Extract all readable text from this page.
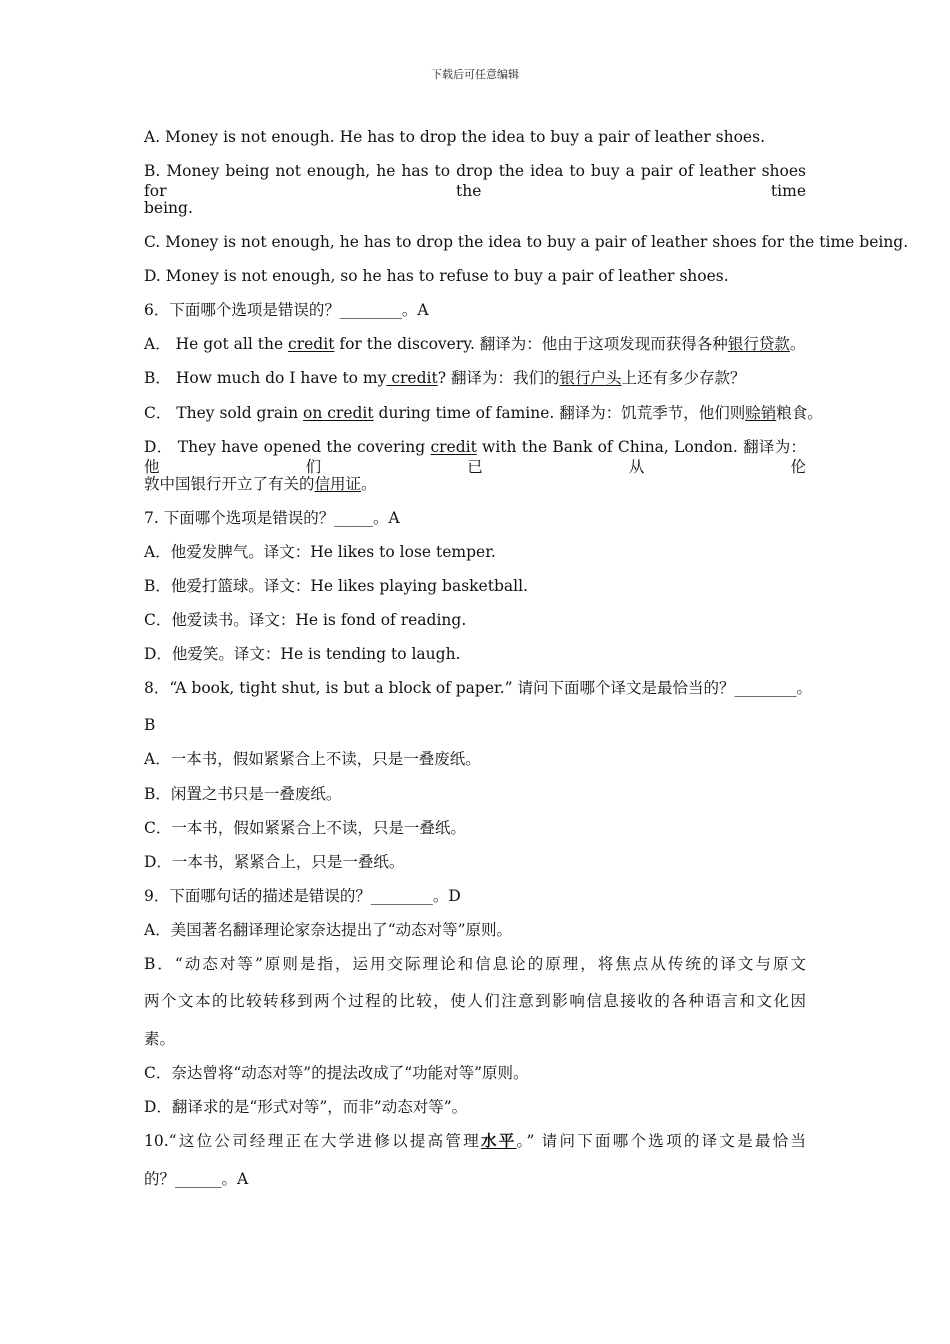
下载后可任意编辑
A. Money is not enough. He has to drop the idea to buy a pair of leather shoes.
B. Money being not enough, he has to drop the idea to buy a pair of leather shoes for the time
being.
C. Money is not enough, he has to drop the idea to buy a pair of leather shoes for the time being.
D. Money is not enough, so he has to refuse to buy a pair of leather shoes.
6．下面哪个选项是错误的？________。A
A． He got all the credit for the discovery. 翻译为：他由于这项发现而获得各种银行贷款。
B． How much do I have to my credit? 翻译为：我们的银行户头上还有多少存款？
C． They sold grain on credit during time of famine. 翻译为：饥荒季节，他们则赊销粮食。
D． They have opened the covering credit with the Bank of China, London. 翻译为：他们已从伦
敦中国银行开立了有关的信用证。
7. 下面哪个选项是错误的？_____。A
A．他爱发脾气。译文：He likes to lose temper.
B．他爱打篮球。译文：He likes playing basketball.
C．他爱读书。译文：He is fond of reading.
D．他爱笑。译文：He is tending to laugh.
8．“A book, tight shut, is but a block of paper.” 请问下面哪个译文是最恰当的？________。
B
A．一本书，假如紧紧合上不读，只是一叠废纸。
B．闲置之书只是一叠废纸。
C．一本书，假如紧紧合上不读，只是一叠纸。
D．一本书，紧紧合上，只是一叠纸。
9．下面哪句话的描述是错误的？________。D
A．美国著名翻译理论家奈达提出了“动态对等”原则。
B．“动态对等”原则是指，运用交际理论和信息论的原理，将焦点从传统的译文与原文
两个文本的比较转移到两个过程的比较，使人们注意到影响信息接收的各种语言和文化因
素。
C．奈达曾将“动态对等”的提法改成了“功能对等”原则。
D．翻译求的是“形式对等”，而非”动态对等”。
10.“这位公司经理正在大学进修以提高管理水平。” 请问下面哪个选项的译文是最恰当
的？______。A
